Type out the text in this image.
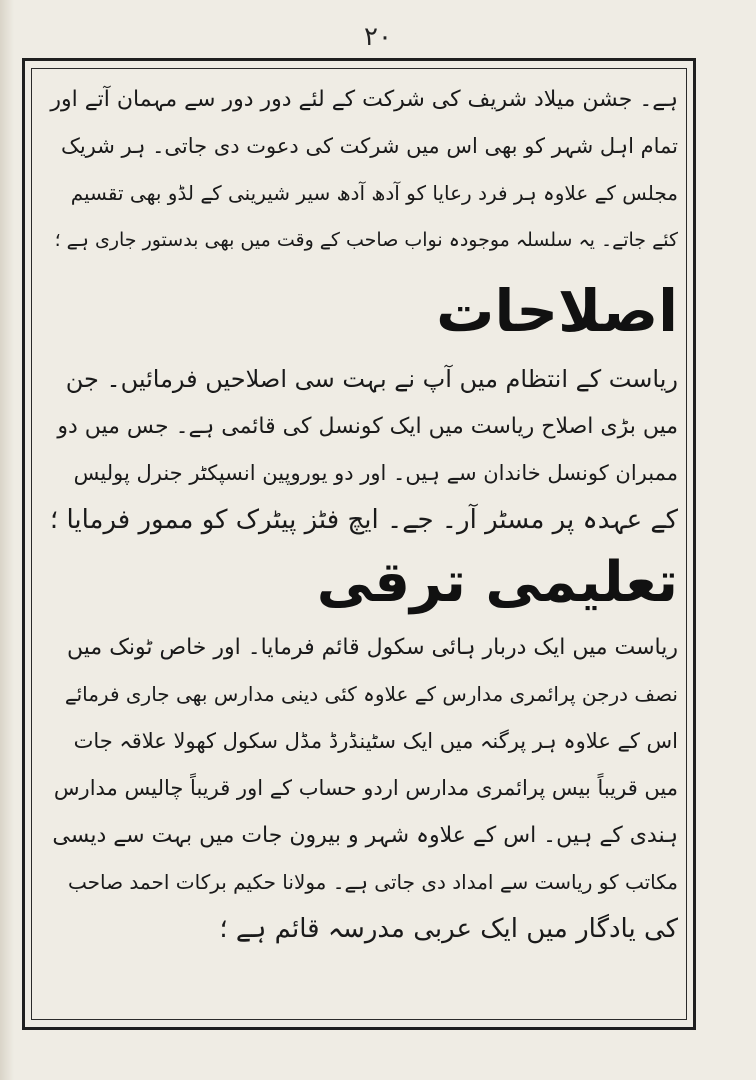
۲۰
ہے۔ جشن میلاد شریف کی شرکت کے لئے دور دور سے مہمان آتے اور
تمام اہل شہر کو بھی اس میں شرکت کی دعوت دی جاتی۔ ہر شریک
مجلس کے علاوہ ہر فرد رعایا کو آدھ آدھ سیر شیرینی کے لڈو بھی تقسیم
کئے جاتے۔ یہ سلسلہ موجودہ نواب صاحب کے وقت میں بھی بدستور جاری ہے ؛
اصلاحات
ریاست کے انتظام میں آپ نے بہت سی اصلاحیں فرمائیں۔ جن
میں بڑی اصلاح ریاست میں ایک کونسل کی قائمی ہے۔ جس میں دو
ممبران کونسل خاندان سے ہیں۔ اور دو یوروپین انسپکٹر جنرل پولیس
کے عہدہ پر مسٹر آر۔ جے۔ ایچ فٹز پیٹرک کو ممور فرمایا ؛
تعلیمی ترقی
ریاست میں ایک دربار ہائی سکول قائم فرمایا۔ اور خاص ٹونک میں
نصف درجن پرائمری مدارس کے علاوہ کئی دینی مدارس بھی جاری فرمائے
اس کے علاوہ ہر پرگنہ میں ایک سٹینڈرڈ مڈل سکول کھولا علاقہ جات
میں قریباً بیس پرائمری مدارس اردو حساب کے اور قریباً چالیس مدارس
ہندی کے ہیں۔ اس کے علاوہ شہر و بیرون جات میں بہت سے دیسی
مکاتب کو ریاست سے امداد دی جاتی ہے۔ مولانا حکیم برکات احمد صاحب
کی یادگار میں ایک عربی مدرسہ قائم ہے ؛
